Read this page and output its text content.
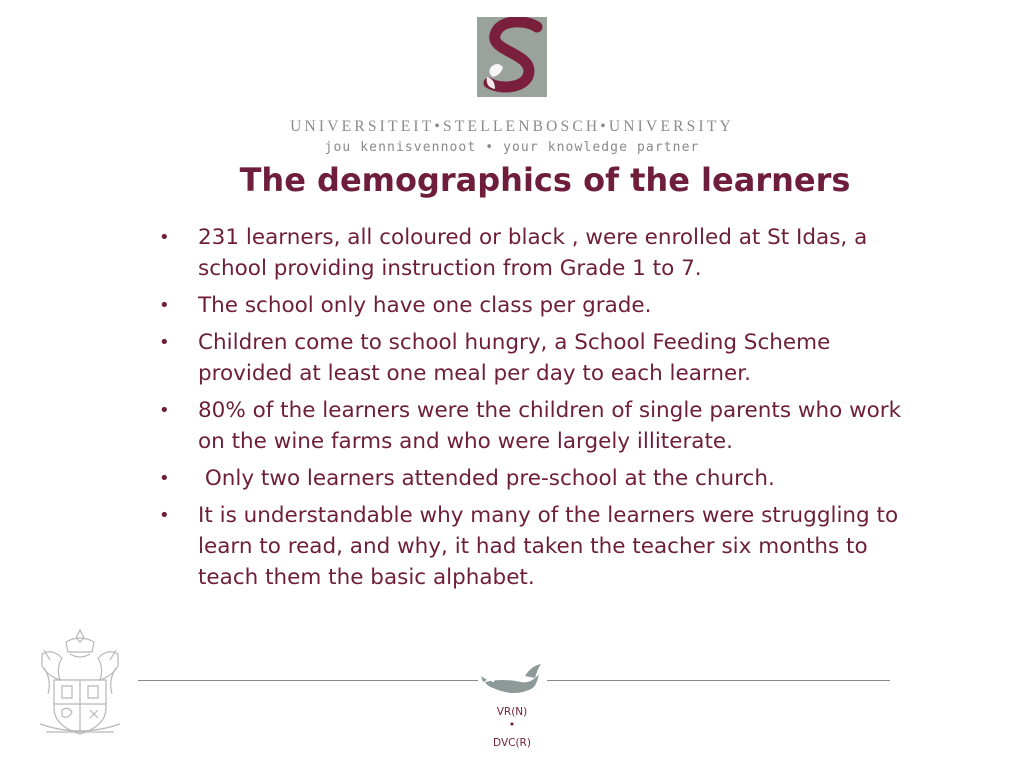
UNIVERSITEIT•STELLENBOSCH•UNIVERSITY
jou kennisvennoot • your knowledge partner
The demographics of the learners
• 231 learners, all coloured or black , were enrolled at St Idas, a school providing instruction from Grade 1 to 7.
• The school only have one class per grade.
• Children come to school hungry, a School Feeding Scheme provided at least one meal per day to each learner.
• 80% of the learners were the children of single parents who work on the wine farms and who were largely illiterate.
• Only two learners attended pre-school at the church.
• It is understandable why many of the learners were struggling to learn to read, and why, it had taken the teacher six months to teach them the basic alphabet.
VR(N)
•
DVC(R)
